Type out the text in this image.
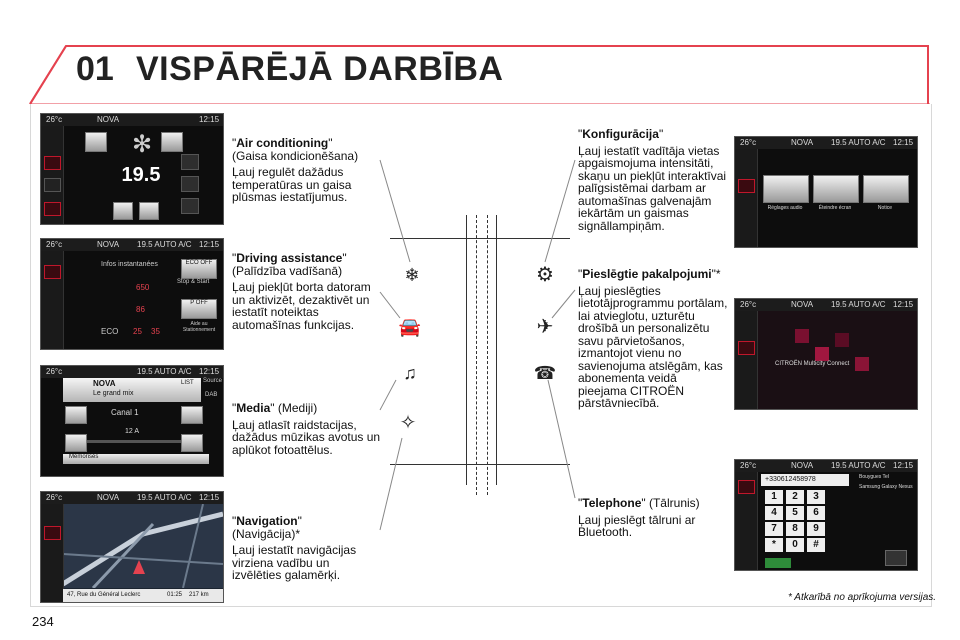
01 VISPĀRĒJĀ DARBĪBA
26°c	NOVA	12:15
✻
19.5
26°c	NOVA 19.5 AUTO A/C 12:15
Infos instantanées
650
86
25 35
ECO
ECO OFF
Stop & Start
P OFF
Aide au Stationnement
26°c	19.5 AUTO A/C 12:15
NOVA
Le grand mix
LIST Source
DAB
Canal 1
12 A
Mémorisés
26°c	NOVA 19.5 AUTO A/C 12:15
47, Rue du Général Leclerc	01:25 217 km

"Air conditioning"
(Gaisa kondicionēšana)

Ļauj regulēt dažādus temperatūras un gaisa plūsmas iestatījumus.

"Driving assistance"
(Palīdzība vadīšanā)

Ļauj piekļūt borta datoram un aktivizēt, dezaktivēt un iestatīt noteiktas automašīnas funkcijas.

"Media" (Mediji)

Ļauj atlasīt raidstacijas, dažādus mūzikas avotus un aplūkot fotoattēlus.

"Navigation"
(Navigācija)*

Ļauj iestatīt navigācijas virziena vadību un izvēlēties galamērķi.

❄
🚘
♫
✧
⚙
✈
☎

"Konfigurācija"

Ļauj iestatīt vadītāja vietas apgaismojuma intensitāti, skaņu un piekļūt interaktīvai palīgsistēmai darbam ar automašīnas galvenajām iekārtām un gaismas signāllampiņām.

"Pieslēgtie pakalpojumi"*

Ļauj pieslēgties lietotājprogrammu portālam, lai atvieglotu, uzturētu drošībā un personalizētu savu pārvietošanos, izmantojot vienu no savienojuma atslēgām, kas abonementa veidā pieejama CITROËN pārstāvniecībā.

"Telephone" (Tālrunis)

Ļauj pieslēgt tālruni ar Bluetooth.

26°c	NOVA 19.5 AUTO A/C 12:15
Réglages audio	Éteindre écran	Notice
26°c	NOVA 19.5 AUTO A/C 12:15
CITROËN Multicity Connect
26°c	NOVA 19.5 AUTO A/C 12:15
+330612458978	Bouygues Tel
Samsung Galaxy Nexus
1	2	3
4	5	6
7	8	9
*	0	#
* Atkarībā no aprīkojuma versijas.
234
